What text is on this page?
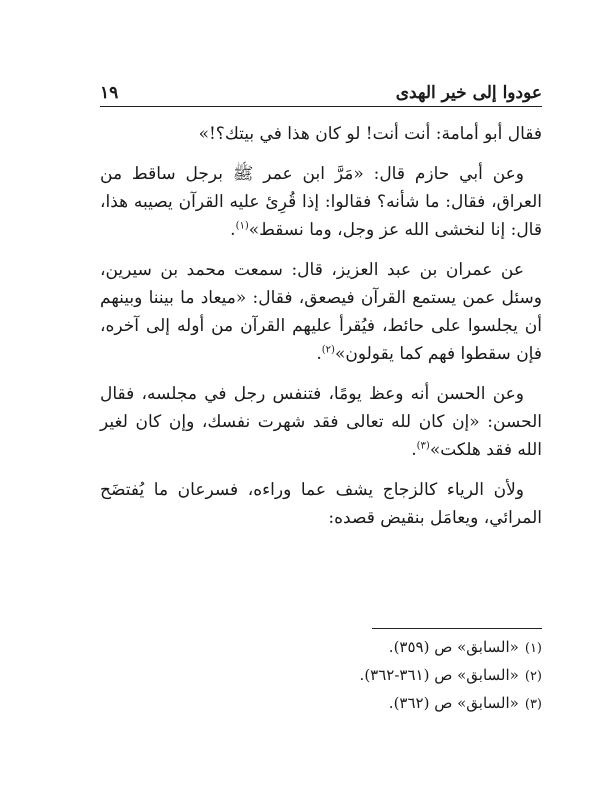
عودوا إلى خير الهدى
١٩

فقال أبو أمامة: أنت أنت! لو كان هذا في بيتك؟!»

وعن أبي حازم قال: «مَرَّ ابن عمر ﷺ برجل ساقط من العراق، فقال: ما شأنه؟ فقالوا: إذا قُرِئ عليه القرآن يصيبه هذا، قال: إنا لنخشى الله عز وجل، وما نسقط»$^{(١)}$.

عن عمران بن عبد العزيز، قال: سمعت محمد بن سيرين، وسئل عمن يستمع القرآن فيصعق، فقال: «ميعاد ما بيننا وبينهم أن يجلسوا على حائط، فيُقرأ عليهم القرآن من أوله إلى آخره، فإن سقطوا فهم كما يقولون»$^{(٢)}$.

وعن الحسن أنه وعظ يومًا، فتنفس رجل في مجلسه، فقال الحسن: «إن كان لله تعالى فقد شهرت نفسك، وإن كان لغير الله فقد هلكت»$^{(٣)}$.

ولأن الرياء كالزجاج يشف عما وراءه، فسرعان ما يُفتضَح المرائي، ويعامَل بنقيض قصده:

(١)«السابق» ص (٣٥٩).

(٢)«السابق» ص (٣٦١-٣٦٢).

(٣)«السابق» ص (٣٦٢).
